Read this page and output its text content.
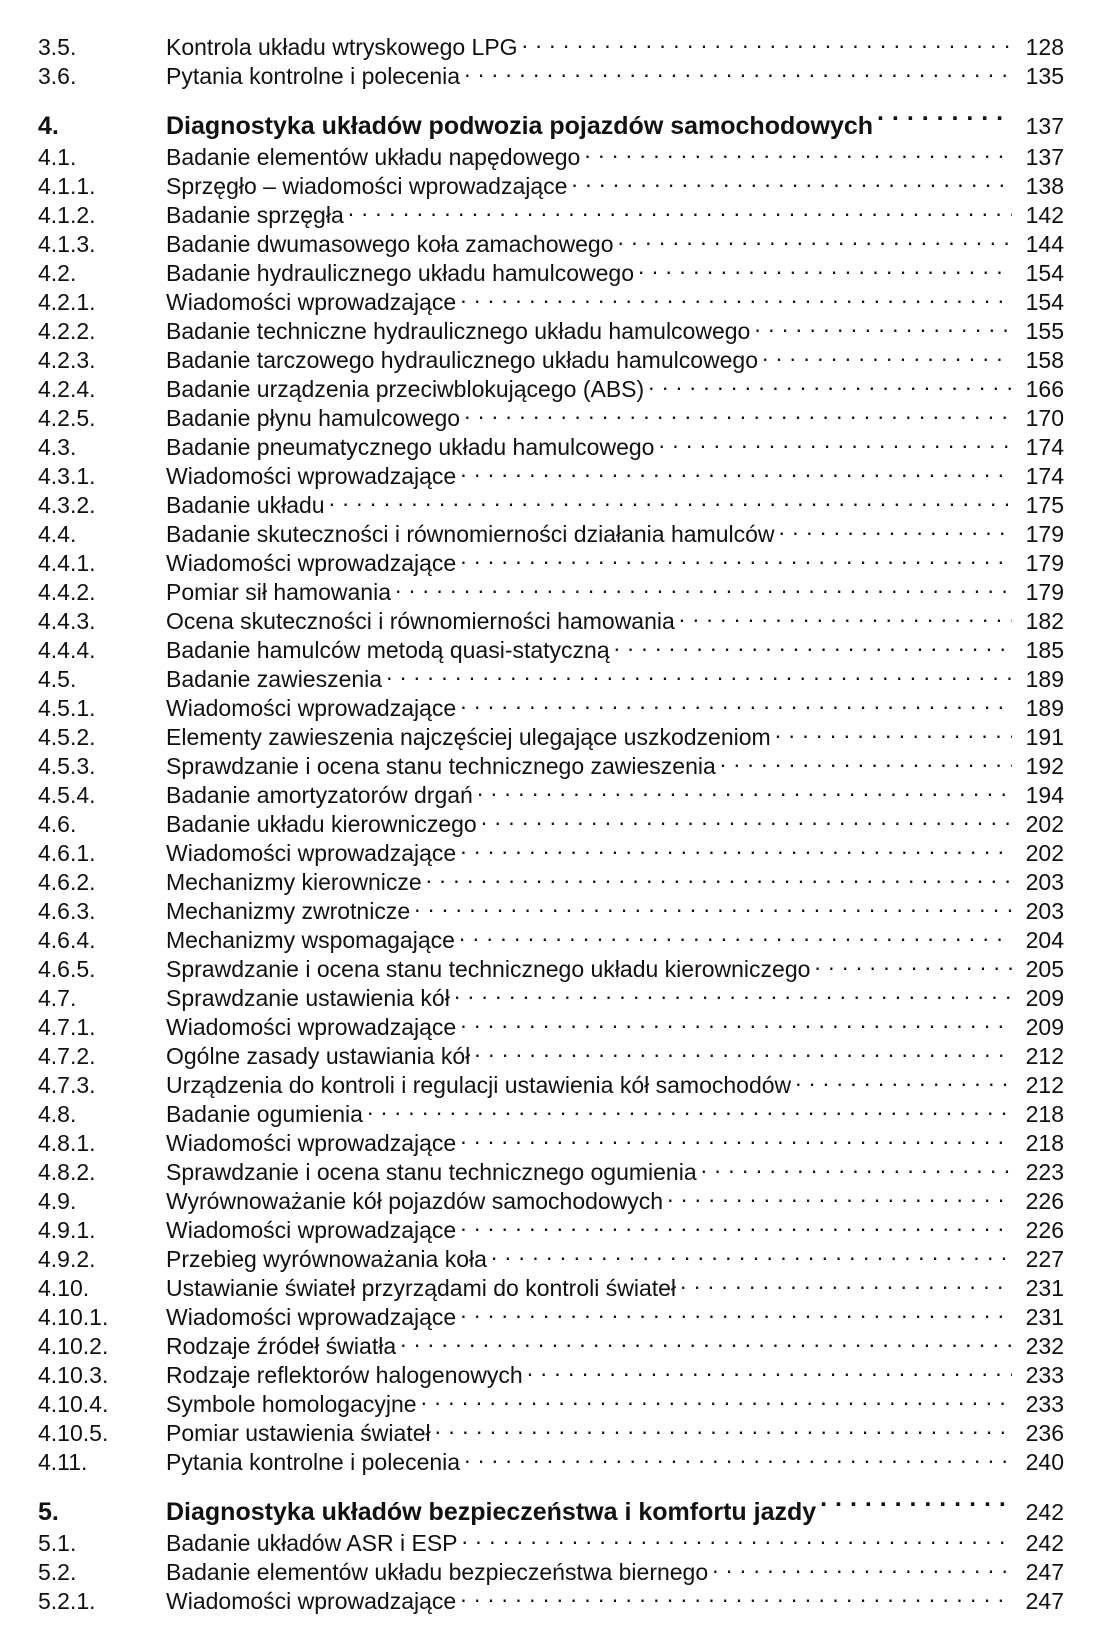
3.5.	Kontrola układu wtryskowego LPG . . .	128
3.6.	Pytania kontrolne i polecenia . . .	135
4.	Diagnostyka układów podwozia pojazdów samochodowych . . .	137
4.1.	Badanie elementów układu napędowego . . .	137
4.1.1.	Sprzęgło – wiadomości wprowadzające . . .	138
4.1.2.	Badanie sprzęgła . . .	142
4.1.3.	Badanie dwumasowego koła zamachowego . . .	144
4.2.	Badanie hydraulicznego układu hamulcowego . . .	154
4.2.1.	Wiadomości wprowadzające . . .	154
4.2.2.	Badanie techniczne hydraulicznego układu hamulcowego . . .	155
4.2.3.	Badanie tarczowego hydraulicznego układu hamulcowego . . .	158
4.2.4.	Badanie urządzenia przeciwblokującego (ABS) . . .	166
4.2.5.	Badanie płynu hamulcowego . . .	170
4.3.	Badanie pneumatycznego układu hamulcowego . . .	174
4.3.1.	Wiadomości wprowadzające . . .	174
4.3.2.	Badanie układu . . .	175
4.4.	Badanie skuteczności i równomierności działania hamulców . . .	179
4.4.1.	Wiadomości wprowadzające . . .	179
4.4.2.	Pomiar sił hamowania . . .	179
4.4.3.	Ocena skuteczności i równomierności hamowania . . .	182
4.4.4.	Badanie hamulców metodą quasi-statyczną . . .	185
4.5.	Badanie zawieszenia . . .	189
4.5.1.	Wiadomości wprowadzające . . .	189
4.5.2.	Elementy zawieszenia najczęściej ulegające uszkodzeniom . . .	191
4.5.3.	Sprawdzanie i ocena stanu technicznego zawieszenia . . .	192
4.5.4.	Badanie amortyzatorów drgań . . .	194
4.6.	Badanie układu kierowniczego . . .	202
4.6.1.	Wiadomości wprowadzające . . .	202
4.6.2.	Mechanizmy kierownicze . . .	203
4.6.3.	Mechanizmy zwrotnicze . . .	203
4.6.4.	Mechanizmy wspomagające . . .	204
4.6.5.	Sprawdzanie i ocena stanu technicznego układu kierowniczego . . .	205
4.7.	Sprawdzanie ustawienia kół . . .	209
4.7.1.	Wiadomości wprowadzające . . .	209
4.7.2.	Ogólne zasady ustawiania kół . . .	212
4.7.3.	Urządzenia do kontroli i regulacji ustawienia kół samochodów . . .	212
4.8.	Badanie ogumienia . . .	218
4.8.1.	Wiadomości wprowadzające . . .	218
4.8.2.	Sprawdzanie i ocena stanu technicznego ogumienia . . .	223
4.9.	Wyrównoważanie kół pojazdów samochodowych . . .	226
4.9.1.	Wiadomości wprowadzające . . .	226
4.9.2.	Przebieg wyrównoważania koła . . .	227
4.10.	Ustawianie świateł przyrządami do kontroli świateł . . .	231
4.10.1.	Wiadomości wprowadzające . . .	231
4.10.2.	Rodzaje źródeł światła . . .	232
4.10.3.	Rodzaje reflektorów halogenowych . . .	233
4.10.4.	Symbole homologacyjne . . .	233
4.10.5.	Pomiar ustawienia świateł . . .	236
4.11.	Pytania kontrolne i polecenia . . .	240
5.	Diagnostyka układów bezpieczeństwa i komfortu jazdy . . .	242
5.1.	Badanie układów ASR i ESP . . .	242
5.2.	Badanie elementów układu bezpieczeństwa biernego . . .	247
5.2.1.	Wiadomości wprowadzające . . .	247
